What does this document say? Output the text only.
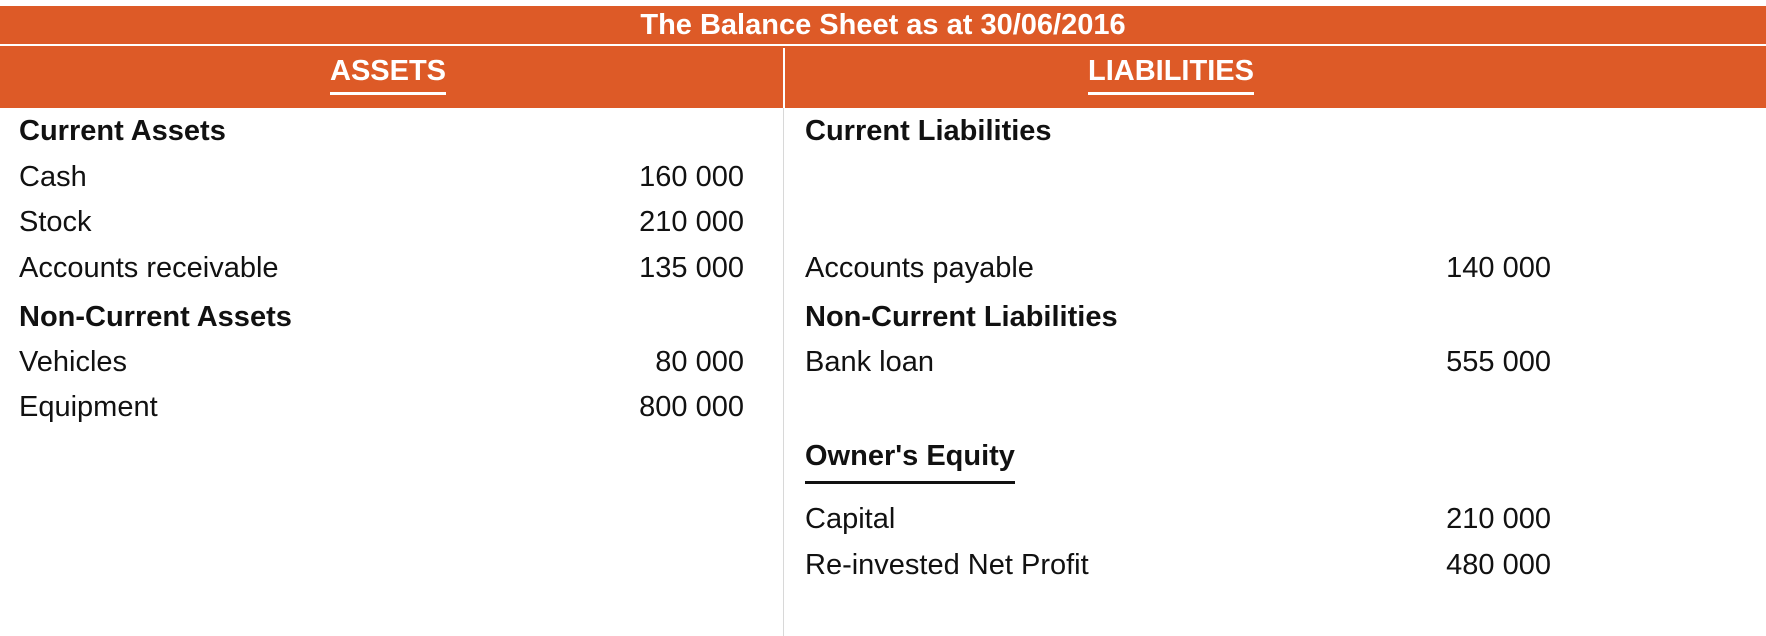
The Balance Sheet as at 30/06/2016
ASSETS	LIABILITIES
Current Assets
Cash	160 000
Stock	210 000
Accounts receivable	135 000
Non-Current Assets
Vehicles	80 000
Equipment	800 000
Current Liabilities
Accounts payable	140 000
Non-Current Liabilities
Bank loan	555 000
Owner's Equity
Capital	210 000
Re-invested Net Profit	480 000
